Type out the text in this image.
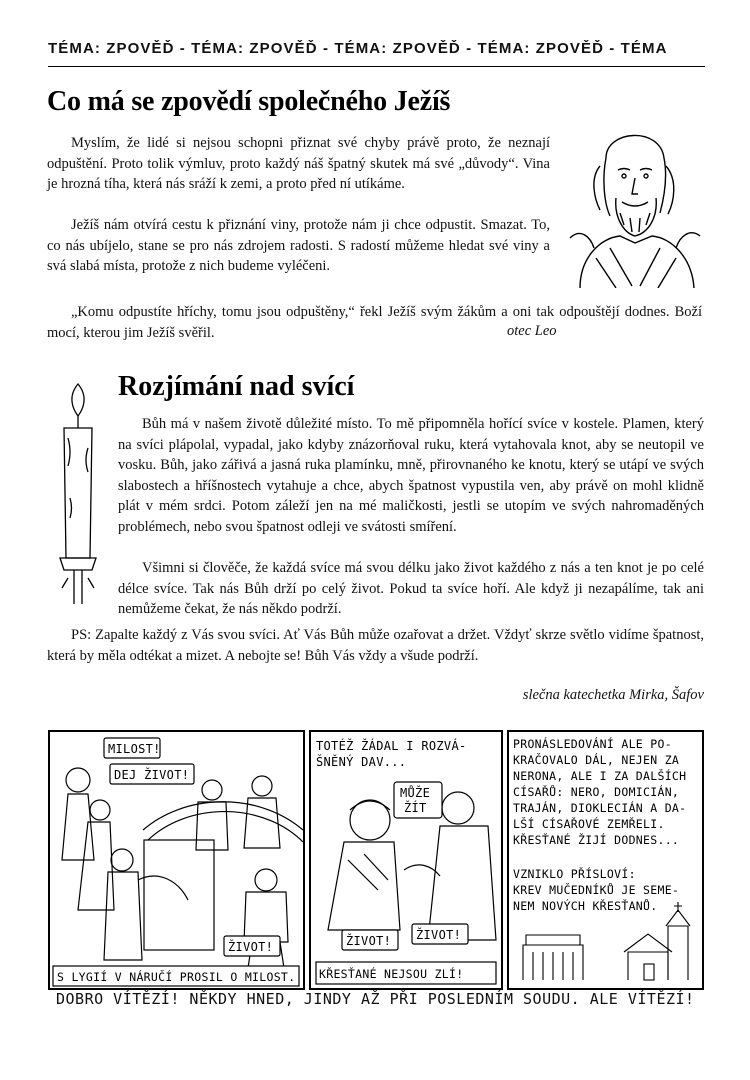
TÉMA: ZPOVĚĎ - TÉMA: ZPOVĚĎ - TÉMA: ZPOVĚĎ - TÉMA: ZPOVĚĎ - TÉMA
Co má se zpovědí společného Ježíš

Myslím, že lidé si nejsou schopni přiznat své chyby právě proto, že neznají odpuštění. Proto tolik výmluv, proto každý náš špatný skutek má své „důvody“. Vina je hrozná tíha, která nás sráží k zemi, a proto před ní utíkáme.

Ježíš nám otvírá cestu k přiznání viny, protože nám ji chce odpustit. Smazat. To, co nás ubíjelo, stane se pro nás zdrojem radosti. S radostí můžeme hledat své viny a svá slabá místa, protože z nich budeme vyléčeni.

„Komu odpustíte hříchy, tomu jsou odpuštěny,“ řekl Ježíš svým žákům a oni tak odpouštějí dodnes. Boží mocí, kterou jim Ježíš svěřil.	otec Leo
Rozjímání nad svící

Bůh má v našem životě důležité místo. To mě připomněla hořící svíce v kostele. Plamen, který na svíci plápolal, vypadal, jako kdyby znázorňoval ruku, která vytahovala knot, aby se neutopil ve vosku. Bůh, jako zářivá a jasná ruka plamínku, mně, přirovnaného ke knotu, který se utápí ve svých slabostech a hříšnostech vytahuje a chce, abych špatnost vypustila ven, aby právě on mohl klidně plát v mém srdci. Potom záleží jen na mé maličkosti, jestli se utopím ve svých nahromaděných problémech, nebo svou špatnost odleji ve svátosti smíření.

Všimni si člověče, že každá svíce má svou délku jako život každého z nás a ten knot je po celé délce svíce. Tak nás Bůh drží po celý život. Pokud ta svíce hoří. Ale když ji nezapálíme, tak ani nemůžeme čekat, že nás někdo podrží.

PS: Zapalte každý z Vás svou svíci. Ať Vás Bůh může ozařovat a držet. Vždyť skrze světlo vidíme špatnost, která by měla odtékat a mizet. A nebojte se! Bůh Vás vždy a všude podrží.

slečna katechetka Mirka, Šafov
MILOST!
DEJ ŽIVOT!
ŽIVOT!
S LYGIÍ V NÁRUČÍ PROSIL O MILOST.
TOTÉŽ ŽÁDAL I ROZVÁ-
ŠNĚNÝ DAV...
MŮŽE
ŽÍT
ŽIVOT! ŽIVOT!
KŘESŤANÉ NEJSOU ZLÍ!
PRONÁSLEDOVÁNÍ ALE PO-
KRAČOVALO DÁL, NEJEN ZA
NERONA, ALE I ZA DALŠÍCH
CÍSAŘŮ: NERO, DOMICIÁN,
TRAJÁN, DIOKLECIÁN A DA-
LŠÍ CÍSAŘOVÉ ZEMŘELI.
KŘESŤANÉ ŽIJÍ DODNES...
VZNIKLO PŘÍSLOVÍ:
KREV MUČEDNÍKŮ JE SEME-
NEM NOVÝCH KŘESŤANŮ.
DOBRO VÍTĚZÍ! NĚKDY HNED, JINDY AŽ PŘI POSLEDNÍM SOUDU. ALE VÍTĚZÍ!
